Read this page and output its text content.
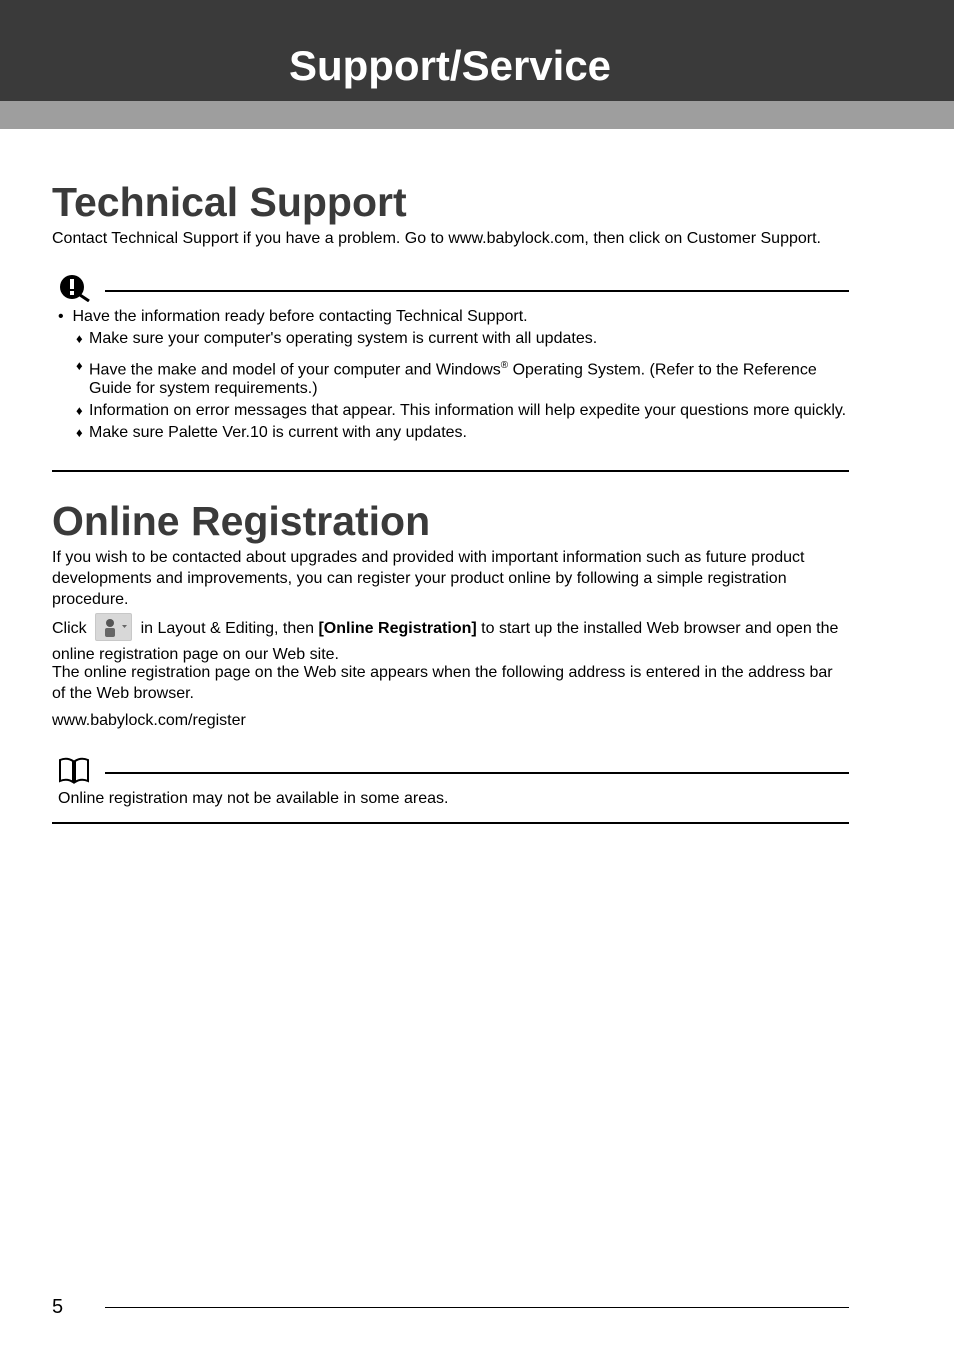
Support/Service
Technical Support

Contact Technical Support if you have a problem. Go to www.babylock.com, then click on Customer Support.

•  Have the information ready before contacting Technical Support.
♦ Make sure your computer's operating system is current with all updates.
♦ Have the make and model of your computer and Windows® Operating System. (Refer to the Reference Guide for system requirements.)
♦ Information on error messages that appear. This information will help expedite your questions more quickly.
♦ Make sure Palette Ver.10 is current with any updates.
Online Registration

If you wish to be contacted about upgrades and provided with important information such as future product developments and improvements, you can register your product online by following a simple registration procedure.

Click	in Layout & Editing, then [Online Registration] to start up the installed Web browser and open the online registration page on our Web site.

The online registration page on the Web site appears when the following address is entered in the address bar of the Web browser.

www.babylock.com/register

Online registration may not be available in some areas.

5
